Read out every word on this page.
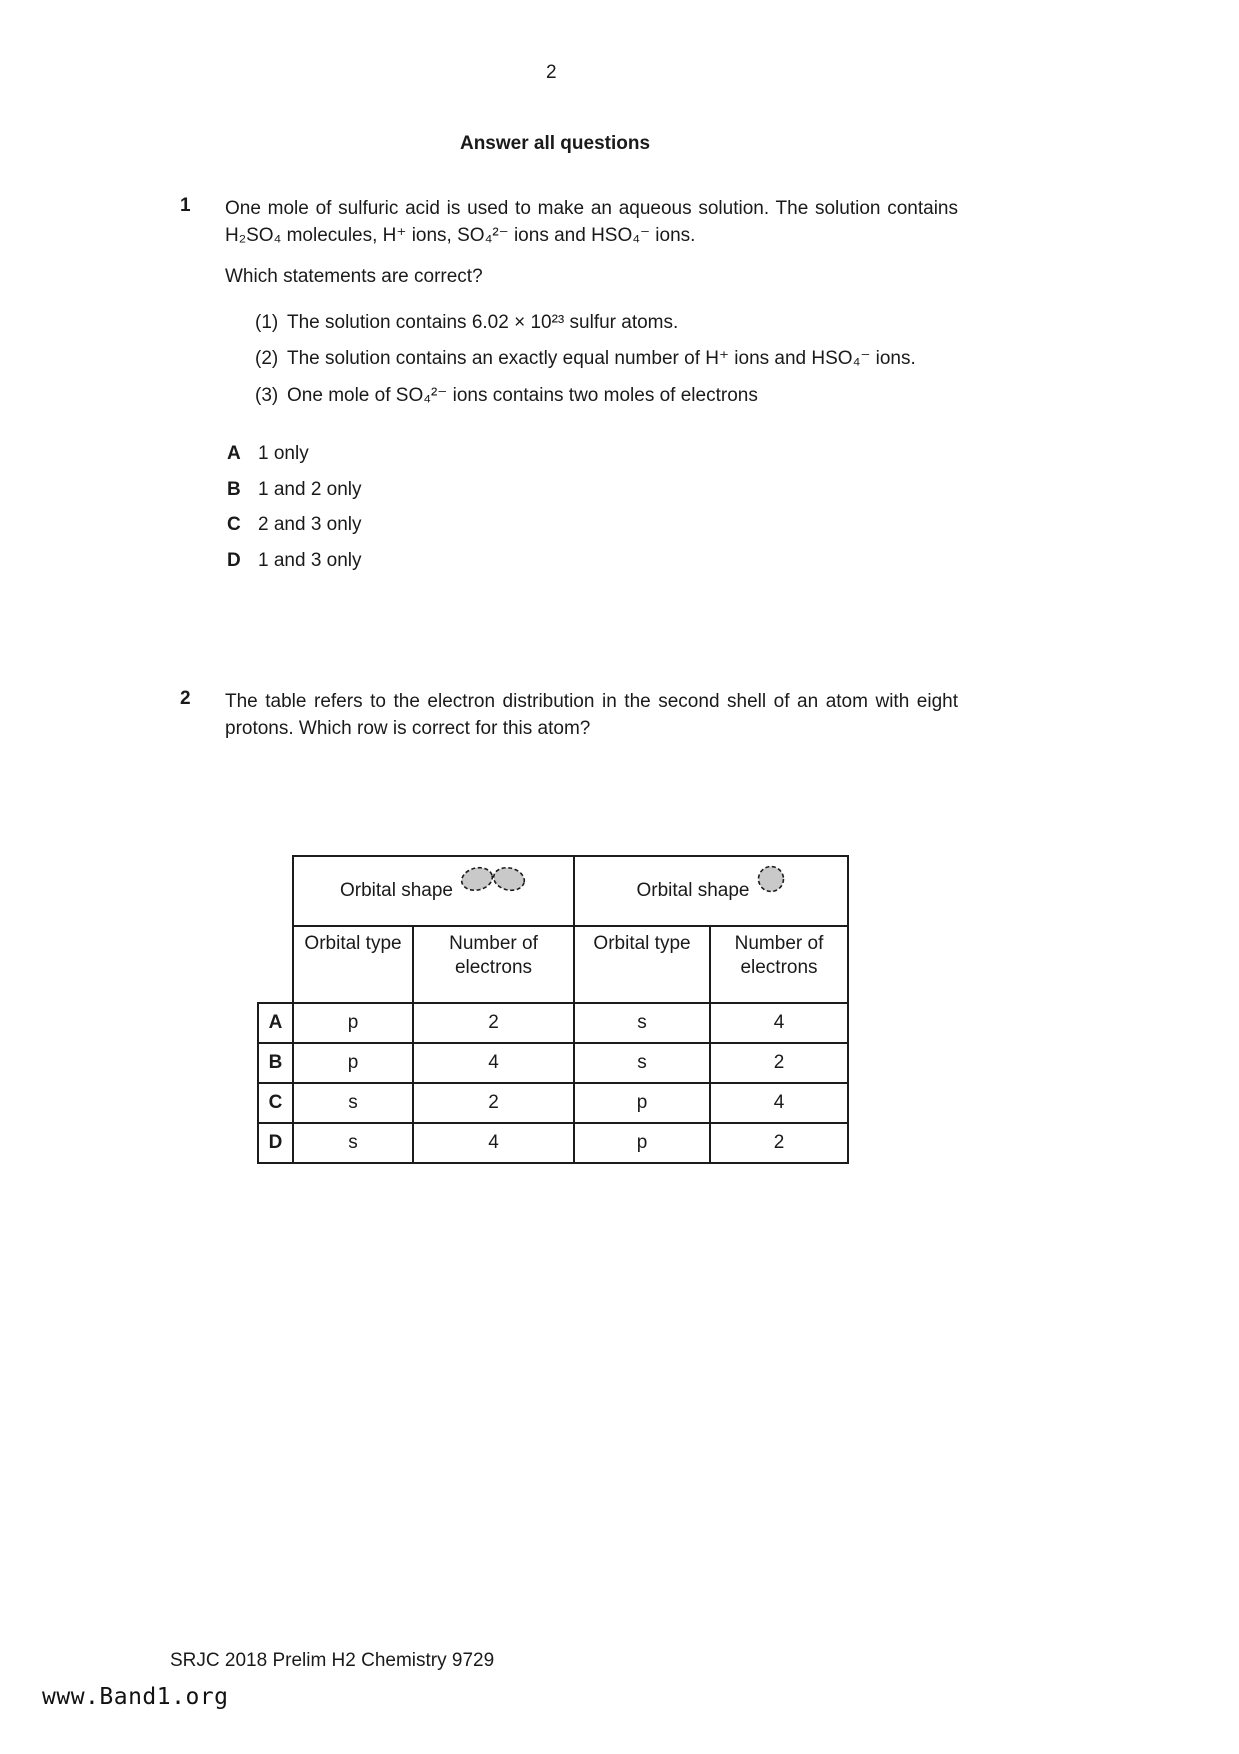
2
Answer all questions
1 One mole of sulfuric acid is used to make an aqueous solution. The solution contains
H₂SO₄ molecules, H⁺ ions, SO₄²⁻ ions and HSO₄⁻ ions.
Which statements are correct?
(1) The solution contains 6.02 × 10²³ sulfur atoms.
(2) The solution contains an exactly equal number of H⁺ ions and HSO₄⁻ ions.
(3) One mole of SO₄²⁻ ions contains two moles of electrons
A 1 only
B 1 and 2 only
C 2 and 3 only
D 1 and 3 only
2 The table refers to the electron distribution in the second shell of an atom with eight
protons. Which row is correct for this atom?

	Orbital shape		Orbital shape	

	Orbital type	Number of electrons	Orbital type	Number of electrons
A	p	2	s	4
B	p	4	s	2
C	s	2	p	4
D	s	4	p	2
SRJC 2018 Prelim H2 Chemistry 9729
www.Band1.org
